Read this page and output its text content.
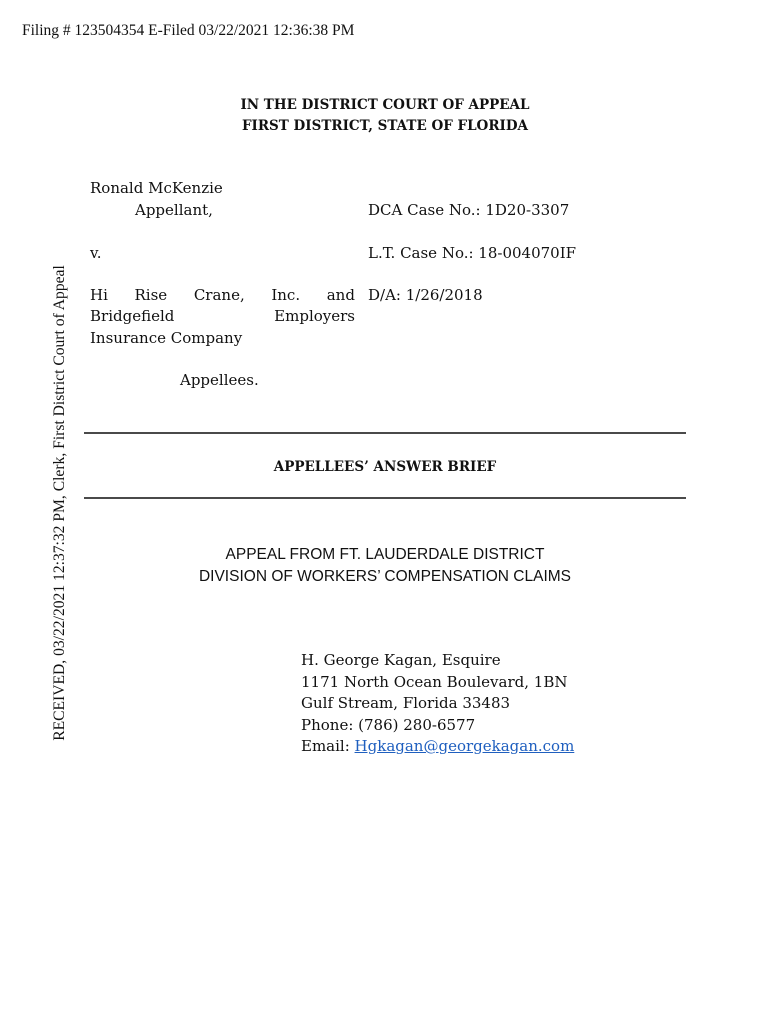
Filing # 123504354 E-Filed 03/22/2021 12:36:38 PM
RECEIVED, 03/22/2021 12:37:32 PM, Clerk, First District Court of Appeal
IN THE DISTRICT COURT OF APPEAL
FIRST DISTRICT, STATE OF FLORIDA
Ronald McKenzie
Appellant,
v.
Hi Rise Crane, Inc. and
Bridgefield	Employers
Insurance Company
Appellees.
DCA Case No.: 1D20-3307
L.T. Case No.: 18-004070IF
D/A: 1/26/2018
APPELLEES’ ANSWER BRIEF
APPEAL FROM FT. LAUDERDALE DISTRICT
DIVISION OF WORKERS’ COMPENSATION CLAIMS
H. George Kagan, Esquire
1171 North Ocean Boulevard, 1BN
Gulf Stream, Florida 33483
Phone: (786) 280-6577
Email: Hgkagan@georgekagan.com
